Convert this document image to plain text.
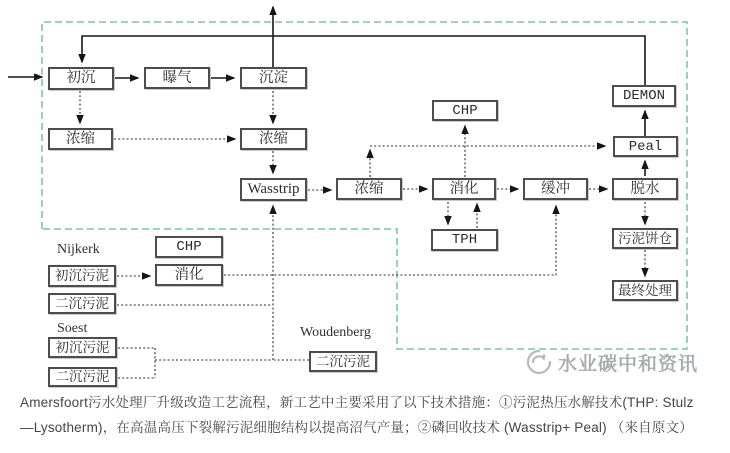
初沉	曝气	沉淀
浓缩	浓缩
Wasstrip	浓缩	消化	缓冲	脱水
CHP
TPH
DEMON
Peal
污泥饼仓
最终处理
Nijkerk
初沉污泥
CHP
消化
二沉污泥
Soest
初沉污泥
二沉污泥
Woudenberg
二沉污泥	水业碳中和资讯
Amersfoort污水处理厂升级改造工艺流程，新工艺中主要采用了以下技术措施：①污泥热压水解技术(THP: Stulz
—Lysotherm)，在高温高压下裂解污泥细胞结构以提高沼气产量；②磷回收技术 (Wasstrip+ Peal) （来自原文）
